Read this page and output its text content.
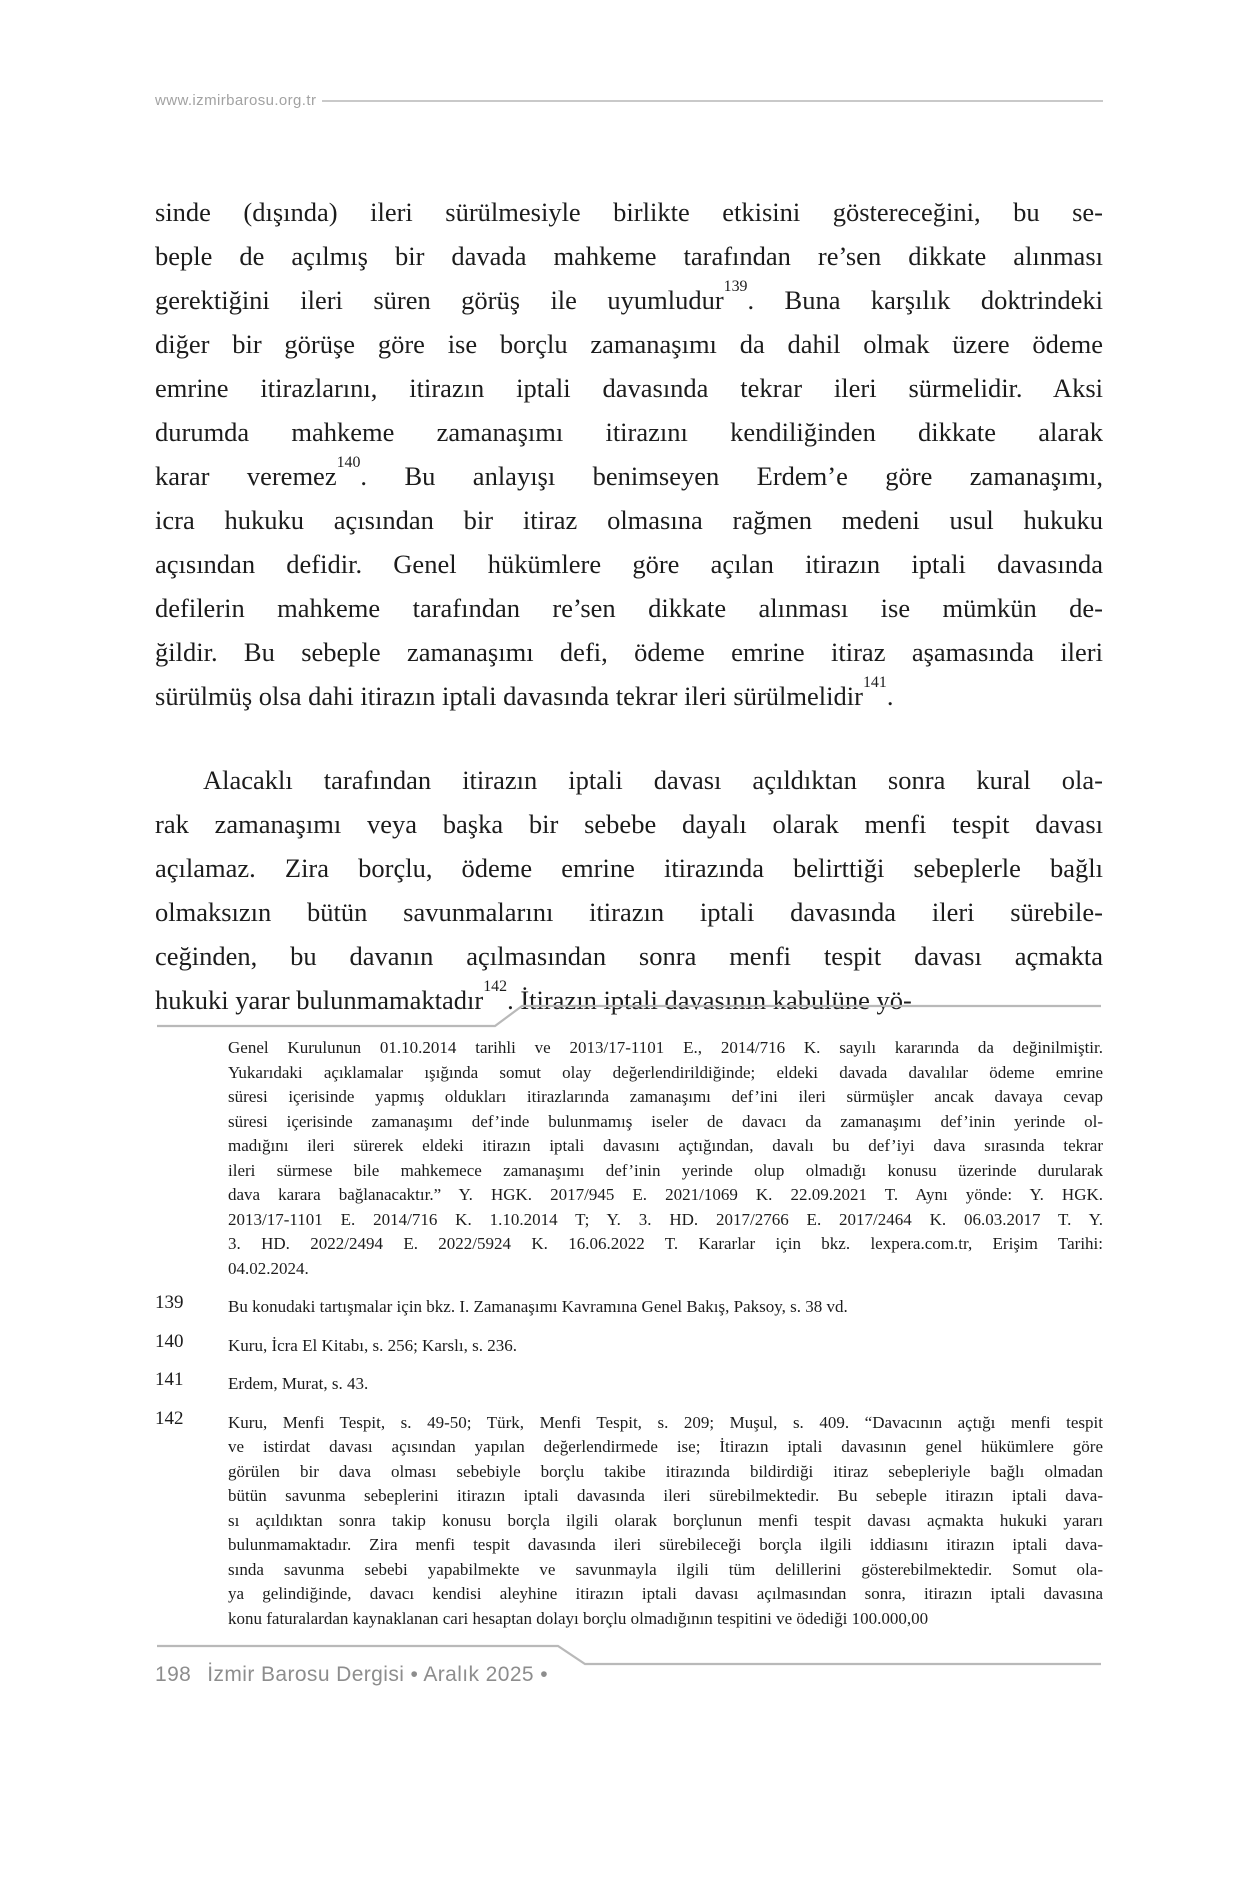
www.izmirbarosu.org.tr
sinde (dışında) ileri sürülmesiyle birlikte etkisini göstereceğini, bu se-
beple de açılmış bir davada mahkeme tarafından re’sen dikkate alınması
gerektiğini ileri süren görüş ile uyumludur$^{139}$. Buna karşılık doktrindeki
diğer bir görüşe göre ise borçlu zamanaşımı da dahil olmak üzere ödeme
emrine itirazlarını, itirazın iptali davasında tekrar ileri sürmelidir. Aksi
durumda mahkeme zamanaşımı itirazını kendiliğinden dikkate alarak
karar veremez$^{140}$. Bu anlayışı benimseyen Erdem’e göre zamanaşımı,
icra hukuku açısından bir itiraz olmasına rağmen medeni usul hukuku
açısından defidir. Genel hükümlere göre açılan itirazın iptali davasında
defilerin mahkeme tarafından re’sen dikkate alınması ise mümkün de-
ğildir. Bu sebeple zamanaşımı defi, ödeme emrine itiraz aşamasında ileri
sürülmüş olsa dahi itirazın iptali davasında tekrar ileri sürülmelidir$^{141}$.
Alacaklı tarafından itirazın iptali davası açıldıktan sonra kural ola-
rak zamanaşımı veya başka bir sebebe dayalı olarak menfi tespit davası
açılamaz. Zira borçlu, ödeme emrine itirazında belirttiği sebeplerle bağlı
olmaksızın bütün savunmalarını itirazın iptali davasında ileri sürebile-
ceğinden, bu davanın açılmasından sonra menfi tespit davası açmakta
hukuki yarar bulunmamaktadır$^{142}$. İtirazın iptali davasının kabulüne yö-
Genel Kurulunun 01.10.2014 tarihli ve 2013/17-1101 E., 2014/716 K. sayılı kararında da değinilmiştir.
Yukarıdaki açıklamalar ışığında somut olay değerlendirildiğinde; eldeki davada davalılar ödeme emrine
süresi içerisinde yapmış oldukları itirazlarında zamanaşımı def’ini ileri sürmüşler ancak davaya cevap
süresi içerisinde zamanaşımı def’inde bulunmamış iseler de davacı da zamanaşımı def’inin yerinde ol-
madığını ileri sürerek eldeki itirazın iptali davasını açtığından, davalı bu def’iyi dava sırasında tekrar
ileri sürmese bile mahkemece zamanaşımı def’inin yerinde olup olmadığı konusu üzerinde durularak
dava karara bağlanacaktır.” Y. HGK. 2017/945 E. 2021/1069 K. 22.09.2021 T. Aynı yönde: Y. HGK.
2013/17-1101 E. 2014/716 K. 1.10.2014 T; Y. 3. HD. 2017/2766 E. 2017/2464 K. 06.03.2017 T. Y.
3. HD. 2022/2494 E. 2022/5924 K. 16.06.2022 T. Kararlar için bkz. lexpera.com.tr, Erişim Tarihi:
04.02.2024.
139	Bu konudaki tartışmalar için bkz. I. Zamanaşımı Kavramına Genel Bakış, Paksoy, s. 38 vd.
140	Kuru, İcra El Kitabı, s. 256; Karslı, s. 236.
141	Erdem, Murat, s. 43.
142	Kuru, Menfi Tespit, s. 49-50; Türk, Menfi Tespit, s. 209; Muşul, s. 409. “Davacının açtığı menfi tespit
ve istirdat davası açısından yapılan değerlendirmede ise; İtirazın iptali davasının genel hükümlere göre
görülen bir dava olması sebebiyle borçlu takibe itirazında bildirdiği itiraz sebepleriyle bağlı olmadan
bütün savunma sebeplerini itirazın iptali davasında ileri sürebilmektedir. Bu sebeple itirazın iptali dava-
sı açıldıktan sonra takip konusu borçla ilgili olarak borçlunun menfi tespit davası açmakta hukuki yararı
bulunmamaktadır. Zira menfi tespit davasında ileri sürebileceği borçla ilgili iddiasını itirazın iptali dava-
sında savunma sebebi yapabilmekte ve savunmayla ilgili tüm delillerini gösterebilmektedir. Somut ola-
ya gelindiğinde, davacı kendisi aleyhine itirazın iptali davası açılmasından sonra, itirazın iptali davasına
konu faturalardan kaynaklanan cari hesaptan dolayı borçlu olmadığının tespitini ve ödediği 100.000,00
198 İzmir Barosu Dergisi • Aralık 2025 •
